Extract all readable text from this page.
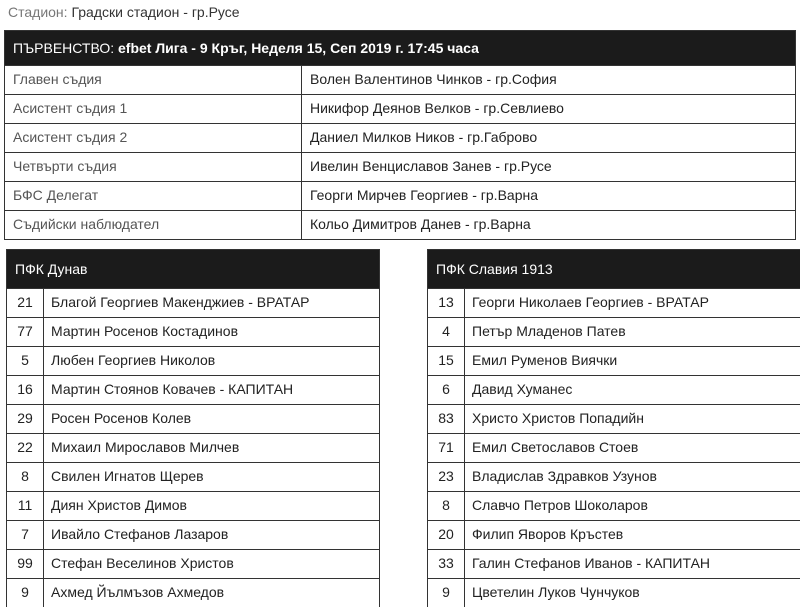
Стадион: Градски стадион - гр.Русе
ПЪРВЕНСТВО: efbet Лига - 9 Кръг, Неделя 15, Сеп 2019 г. 17:45 часа
Главен съдия	Волен Валентинов Чинков - гр.София
Асистент съдия 1	Никифор Деянов Велков - гр.Севлиево
Асистент съдия 2	Даниел Милков Ников - гр.Габрово
Четвърти съдия	Ивелин Венциславов Занев - гр.Русе
БФС Делегат	Георги Мирчев Георгиев - гр.Варна
Съдийски наблюдател	Кольо Димитров Данев - гр.Варна
ПФК Дунав
21	Благой Георгиев Макенджиев - ВРАТАР
77	Мартин Росенов Костадинов
5	Любен Георгиев Николов
16	Мартин Стоянов Ковачев - КАПИТАН
29	Росен Росенов Колев
22	Михаил Мирославов Милчев
8	Свилен Игнатов Щерев
11	Диян Христов Димов
7	Ивайло Стефанов Лазаров
99	Стефан Веселинов Христов
9	Ахмед Йълмъзов Ахмедов
ПФК Славия 1913
13	Георги Николаев Георгиев - ВРАТАР
4	Петър Младенов Патев
15	Емил Руменов Виячки
6	Давид Хуманес
83	Христо Христов Попадийн
71	Емил Светославов Стоев
23	Владислав Здравков Узунов
8	Славчо Петров Шоколаров
20	Филип Яворов Кръстев
33	Галин Стефанов Иванов - КАПИТАН
9	Цветелин Луков Чунчуков
